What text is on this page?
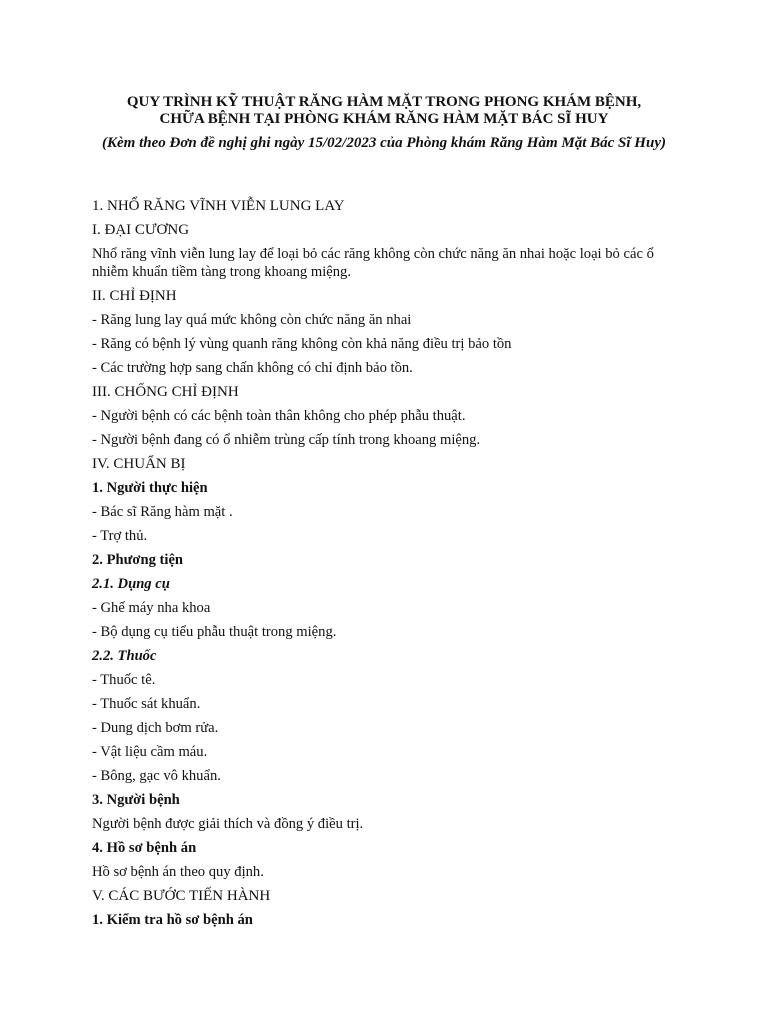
QUY TRÌNH KỸ THUẬT RĂNG HÀM MẶT TRONG PHONG KHÁM BỆNH,
CHỮA BỆNH TẠI PHÒNG KHÁM RĂNG HÀM MẶT BÁC SĨ HUY
(Kèm theo Đơn đề nghị ghi ngày 15/02/2023 của Phòng khám Răng Hàm Mặt Bác Sĩ Huy)

1. NHỔ RĂNG VĨNH VIỄN LUNG LAY

I. ĐẠI CƯƠNG

Nhổ răng vĩnh viễn lung lay để loại bỏ các răng không còn chức năng ăn nhai hoặc loại bỏ các ổ nhiễm khuẩn tiềm tàng trong khoang miệng.

II. CHỈ ĐỊNH

- Răng lung lay quá mức không còn chức năng ăn nhai

- Răng có bệnh lý vùng quanh răng không còn khả năng điều trị bảo tồn

- Các trường hợp sang chấn không có chỉ định bảo tồn.

III. CHỐNG CHỈ ĐỊNH

- Người bệnh có các bệnh toàn thân không cho phép phẫu thuật.

- Người bệnh đang có ổ nhiễm trùng cấp tính trong khoang miệng.

IV. CHUẨN BỊ

1. Người thực hiện

- Bác sĩ Răng hàm mặt .

- Trợ thủ.

2. Phương tiện

2.1. Dụng cụ

- Ghế máy nha khoa

- Bộ dụng cụ tiểu phẫu thuật trong miệng.

2.2. Thuốc

- Thuốc tê.

- Thuốc sát khuẩn.

- Dung dịch bơm rửa.

- Vật liệu cầm máu.

- Bông, gạc vô khuẩn.

3. Người bệnh

Người bệnh được giải thích và đồng ý điều trị.

4. Hồ sơ bệnh án

Hồ sơ bệnh án theo quy định.

V. CÁC BƯỚC TIẾN HÀNH

1. Kiểm tra hồ sơ bệnh án
